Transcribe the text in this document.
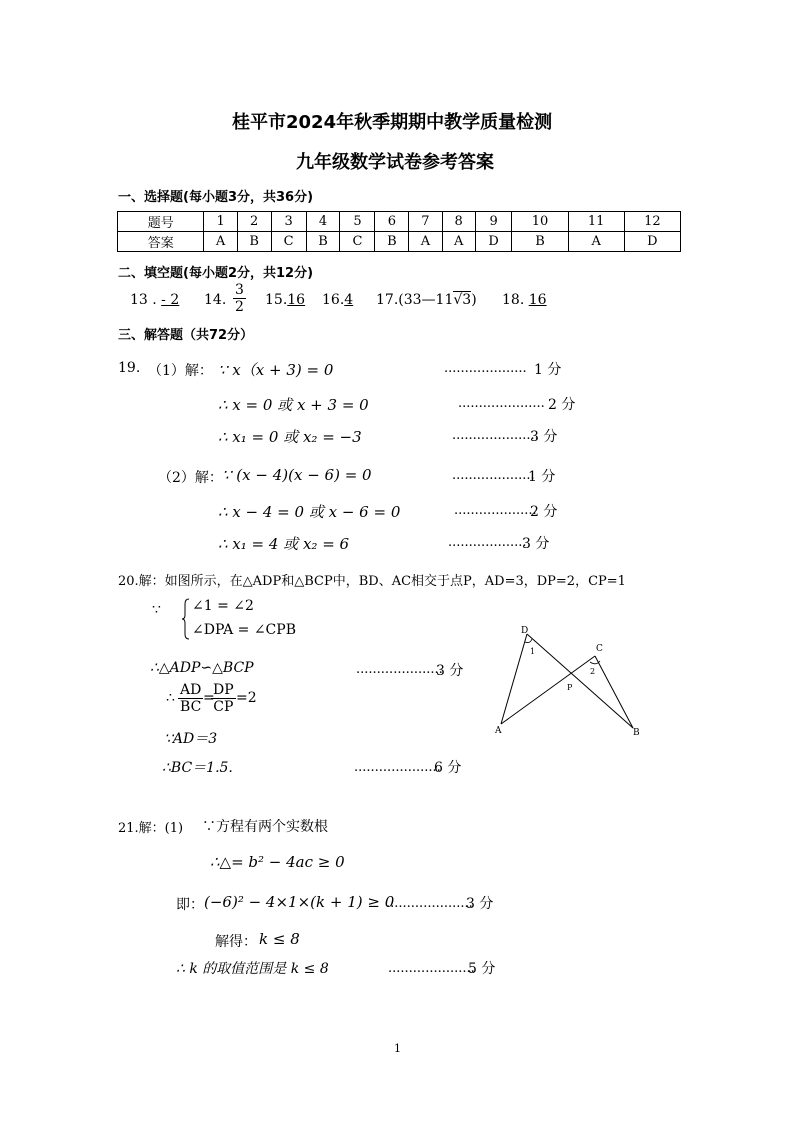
桂平市2024年秋季期期中教学质量检测
九年级数学试卷参考答案
一、选择题(每小题3分，共36分)
题号	1	2	3	4	5	6	7	8	9	10	11	12
答案	A	B	C	B	C	B	A	A	D	B	A	D
二、填空题(每小题2分，共12分)
13 . - 2 14. $\frac{3}{2} 15.16$ 16.4 17.(33—11√3) 18. 16
三、解答题（共72分）
19. （1）解： ∵ x（x + 3) = 0	.................... 1 分
∴ x = 0 或 x + 3 = 0	..................... 2 分
∴ x₁ = 0 或 x₂ = −3	.....................
3 分
（2）解： ∵ (x − 4)(x − 6) = 0	....................
1 分
∴ x − 4 = 0 或 x − 6 = 0	....................
2 分
∴ x₁ = 4 或 x₂ = 6	...................
3 分
20.解：如图所示，在△ADP和△BCP中，BD、AC相交于点P，AD=3，DP=2，CP=1
∵ ∠1 = ∠2
∠DPA = ∠CPB
∴△ADP∽△BCP	.....................
3 分
∴ $\frac{AD}{BC}$ =
$\frac{DP}{CP} =2$
∵AD＝3
∴BC＝1.5.	.....................
6 分
D
C
P
A	B
1
2
21.解：(1) ∵方程有两个实数根
∴△= b² − 4ac ≥ 0
即： (−6)² − 4×1×(k + 1) ≥ 0
.....................
3 分
解得： k ≤ 8
∴ k 的取值范围是 k ≤ 8	.....................
5 分
1
